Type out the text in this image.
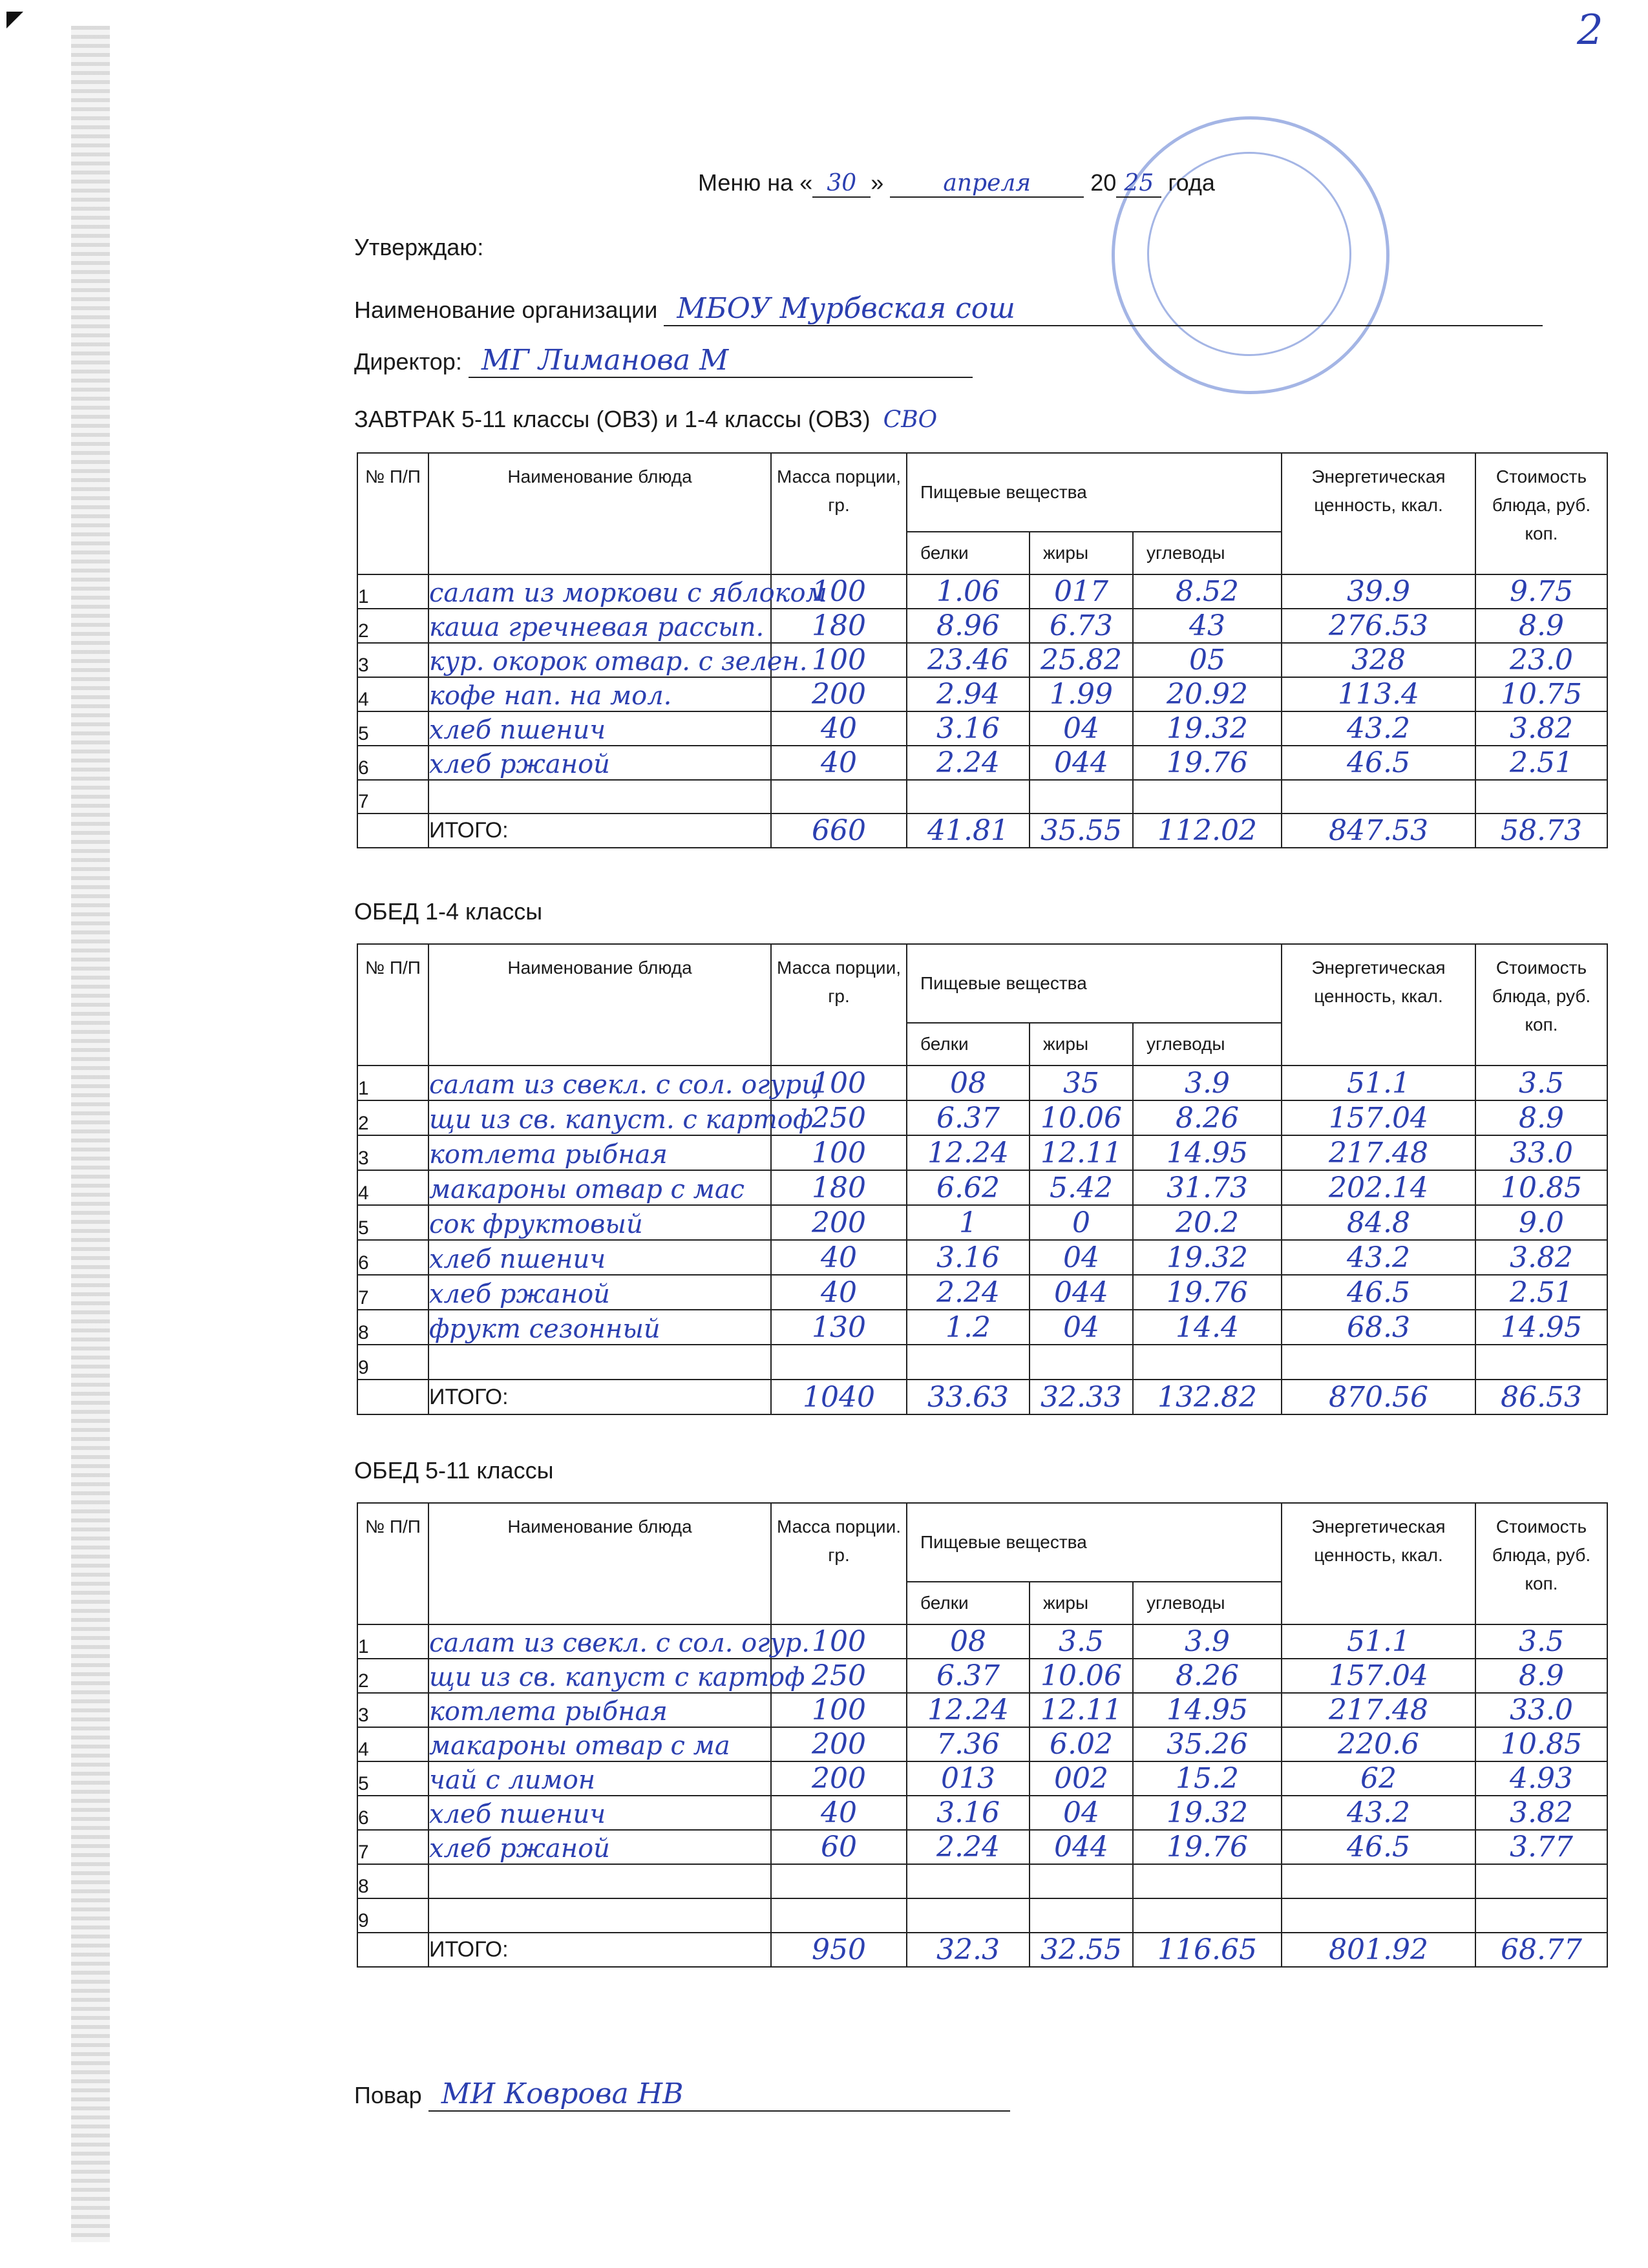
2
Меню на « 30 » апреля	20 25 года
Утверждаю:
Наименование организации МБОУ Мурбвская сош
Директор: МГ Лиманова М
ЗАВТРАК 5-11 классы (ОВЗ) и 1-4 классы (ОВЗ) СВО
№ П/П	Наименование блюда	Масса порции, гр.	Пищевые вещества			Энергетическая ценность, ккал.	Стоимость блюда, руб. коп.
			белки	жиры	углеводы		
1	салат из моркови с яблоком	100	1.06	017	8.52	39.9	9.75
2	каша гречневая рассып.	180	8.96	6.73	43	276.53	8.9
3	кур. окорок отвар. с зелен.	100	23.46	25.82	05	328	23.0
4	кофе нап. на мол.	200	2.94	1.99	20.92	113.4	10.75
5	хлеб пшенич	40	3.16	04	19.32	43.2	3.82
6	хлеб ржаной	40	2.24	044	19.76	46.5	2.51
7							
	ИТОГО:	660	41.81	35.55	112.02	847.53	58.73
ОБЕД 1-4 классы
№ П/П	Наименование блюда	Масса порции, гр.	Пищевые вещества			Энергетическая ценность, ккал.	Стоимость блюда, руб. коп.
			белки	жиры	углеводы		
1	салат из свекл. с сол. огурц	100	08	35	3.9	51.1	3.5
2	щи из св. капуст. с картоф	250	6.37	10.06	8.26	157.04	8.9
3	котлета рыбная	100	12.24	12.11	14.95	217.48	33.0
4	макароны отвар с мас	180	6.62	5.42	31.73	202.14	10.85
5	сок фруктовый	200	1	0	20.2	84.8	9.0
6	хлеб пшенич	40	3.16	04	19.32	43.2	3.82
7	хлеб ржаной	40	2.24	044	19.76	46.5	2.51
8	фрукт сезонный	130	1.2	04	14.4	68.3	14.95
9							
	ИТОГО:	1040	33.63	32.33	132.82	870.56	86.53
ОБЕД 5-11 классы
№ П/П	Наименование блюда	Масса порции. гр.	Пищевые вещества			Энергетическая ценность, ккал.	Стоимость блюда, руб. коп.
			белки	жиры	углеводы		
1	салат из свекл. с сол. огур.	100	08	3.5	3.9	51.1	3.5
2	щи из св. капуст с картоф	250	6.37	10.06	8.26	157.04	8.9
3	котлета рыбная	100	12.24	12.11	14.95	217.48	33.0
4	макароны отвар с ма	200	7.36	6.02	35.26	220.6	10.85
5	чай с лимон	200	013	002	15.2	62	4.93
6	хлеб пшенич	40	3.16	04	19.32	43.2	3.82
7	хлеб ржаной	60	2.24	044	19.76	46.5	3.77
8							
9							
	ИТОГО:	950	32.3	32.55	116.65	801.92	68.77
Повар МИ Коврова НВ
